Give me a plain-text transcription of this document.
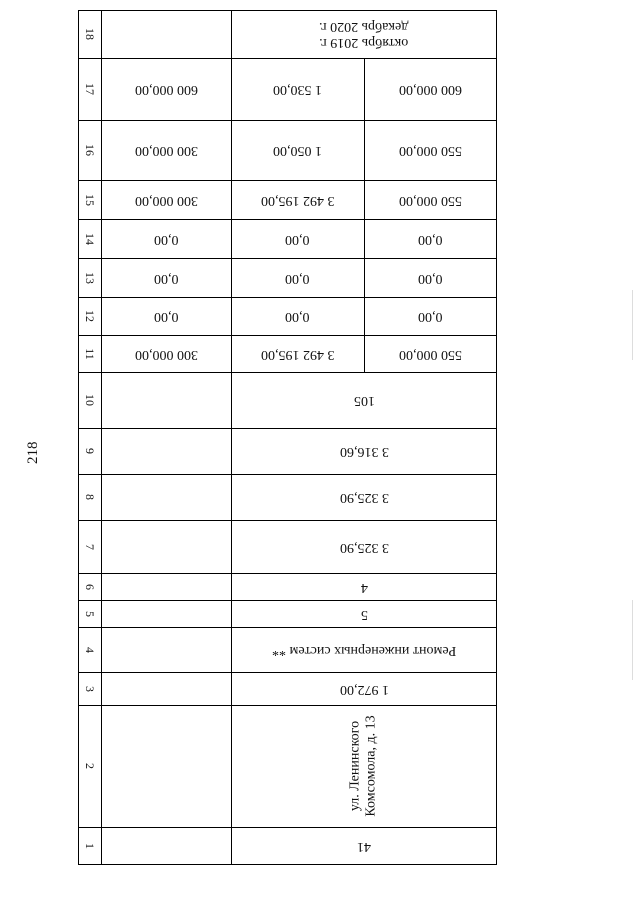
218
1
2
3
4
5
6
7
8
9
10
11
12
13
14
15
16
17
18
41
1 972,00
Ремонт инженерных систем **
5
4
3 325,90
3 325,90
3 316,60
105
ул. Ленинского
Комсомола, д. 13
октябрь 2019 г.
декабрь 2020 г.
300 000,00
0,00
0,00
0,00
300 000,00
300 000,00
600 000,00
3 492 195,00
0,00
0,00
0,00
3 492 195,00
1 050,00
1 530,00
550 000,00
0,00
0,00
0,00
550 000,00
550 000,00
600 000,00
